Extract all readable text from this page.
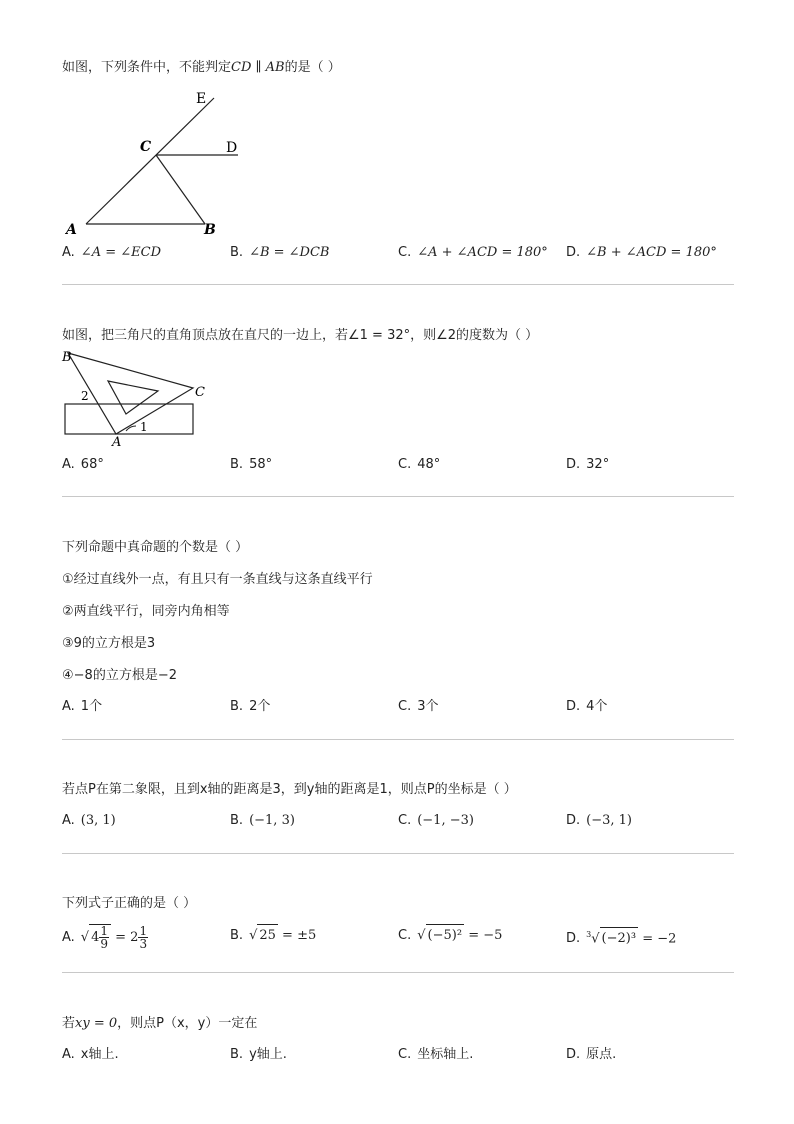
如图，下列条件中，不能判定CD ∥ AB的是（ ）
E
D
C
A	B
A. ∠A = ∠ECD	B. ∠B = ∠DCB	C. ∠A + ∠ACD = 180° D. ∠B + ∠ACD = 180°
如图，把三角尺的直角顶点放在直尺的一边上，若∠1 = 32°，则∠2的度数为（ ）
B
C
A
1
2
A. 68°	B. 58°	C. 48°	D. 32°
下列命题中真命题的个数是（ ）
①经过直线外一点，有且只有一条直线与这条直线平行
②两直线平行，同旁内角相等
③9的立方根是3
④−8的立方根是−2
A. 1个	B. 2个	C. 3个	D. 4个
若点P在第二象限，且到x轴的距离是3，到y轴的距离是1，则点P的坐标是（ ）
A. (3, 1)	B. (−1, 3)	C. (−1, −3)	D. (−3, 1)
下列式子正确的是（ ）
A. √ $4 \frac{1}{9} = 2 \frac{1}{3}$	B. √ 25 = ±5	C. √ (−5)² = −5	D. $^3$√ (−2)³ = −2
若xy = 0，则点P（x，y）一定在
A. x轴上.	B. y轴上.	C. 坐标轴上.	D. 原点.
